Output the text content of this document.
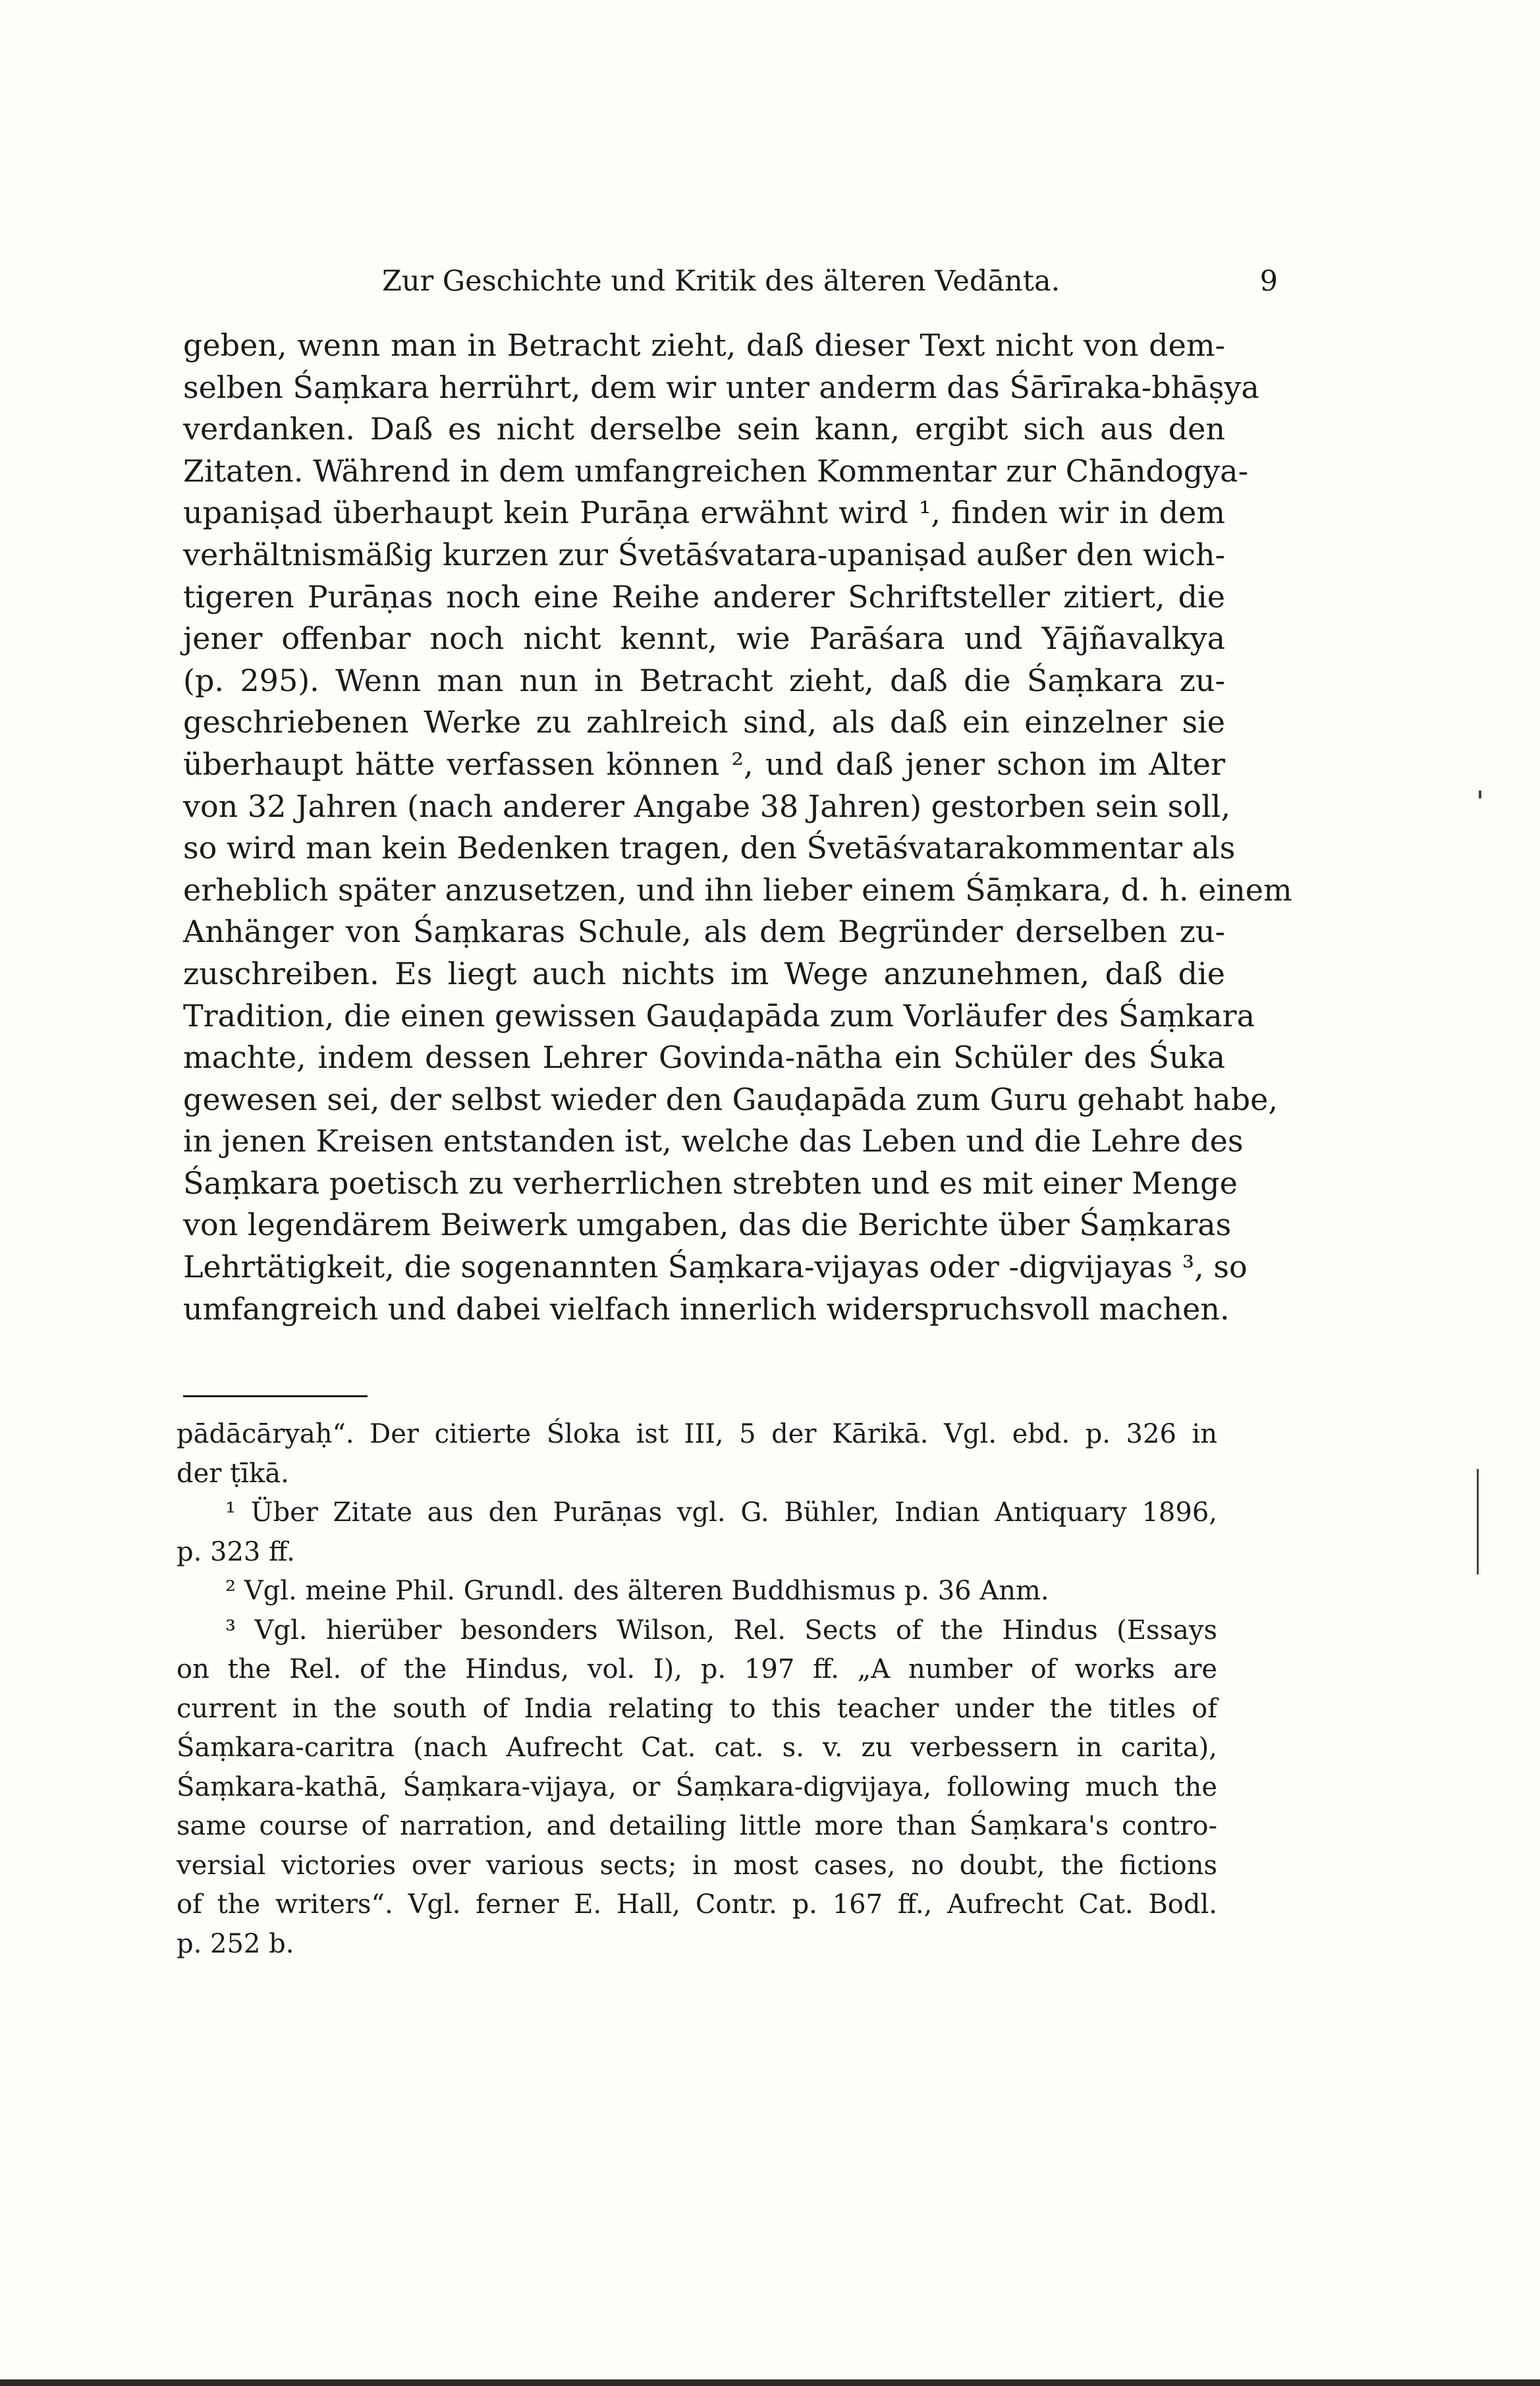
Zur Geschichte und Kritik des älteren Vedānta.	9
geben, wenn man in Betracht zieht, daß dieser Text nicht von dem-
selben Śaṃkara herrührt, dem wir unter anderm das Śārīraka-bhāṣya
verdanken. Daß es nicht derselbe sein kann, ergibt sich aus den
Zitaten. Während in dem umfangreichen Kommentar zur Chāndogya-
upaniṣad überhaupt kein Purāṇa erwähnt wird ¹, finden wir in dem
verhältnismäßig kurzen zur Śvetāśvatara-upaniṣad außer den wich-
tigeren Purāṇas noch eine Reihe anderer Schriftsteller zitiert, die
jener offenbar noch nicht kennt, wie Parāśara und Yājñavalkya
(p. 295). Wenn man nun in Betracht zieht, daß die Śaṃkara zu-
geschriebenen Werke zu zahlreich sind, als daß ein einzelner sie
überhaupt hätte verfassen können ², und daß jener schon im Alter
von 32 Jahren (nach anderer Angabe 38 Jahren) gestorben sein soll,
so wird man kein Bedenken tragen, den Śvetāśvatarakommentar als
erheblich später anzusetzen, und ihn lieber einem Śāṃkara, d. h. einem
Anhänger von Śaṃkaras Schule, als dem Begründer derselben zu-
zuschreiben. Es liegt auch nichts im Wege anzunehmen, daß die
Tradition, die einen gewissen Gauḍapāda zum Vorläufer des Śaṃkara
machte, indem dessen Lehrer Govinda-nātha ein Schüler des Śuka
gewesen sei, der selbst wieder den Gauḍapāda zum Guru gehabt habe,
in jenen Kreisen entstanden ist, welche das Leben und die Lehre des
Śaṃkara poetisch zu verherrlichen strebten und es mit einer Menge
von legendärem Beiwerk umgaben, das die Berichte über Śaṃkaras
Lehrtätigkeit, die sogenannten Śaṃkara-vijayas oder -digvijayas ³, so
umfangreich und dabei vielfach innerlich widerspruchsvoll machen.
pādācāryaḥ“. Der citierte Śloka ist III, 5 der Kārikā. Vgl. ebd. p. 326 in
der ṭīkā.
¹ Über Zitate aus den Purāṇas vgl. G. Bühler, Indian Antiquary 1896,
p. 323 ff.
² Vgl. meine Phil. Grundl. des älteren Buddhismus p. 36 Anm.
³ Vgl. hierüber besonders Wilson, Rel. Sects of the Hindus (Essays
on the Rel. of the Hindus, vol. I), p. 197 ff. „A number of works are
current in the south of India relating to this teacher under the titles of
Śaṃkara-caritra (nach Aufrecht Cat. cat. s. v. zu verbessern in carita),
Śaṃkara-kathā, Śaṃkara-vijaya, or Śaṃkara-digvijaya, following much the
same course of narration, and detailing little more than Śaṃkara's contro-
versial victories over various sects; in most cases, no doubt, the fictions
of the writers“. Vgl. ferner E. Hall, Contr. p. 167 ff., Aufrecht Cat. Bodl.
p. 252 b.
